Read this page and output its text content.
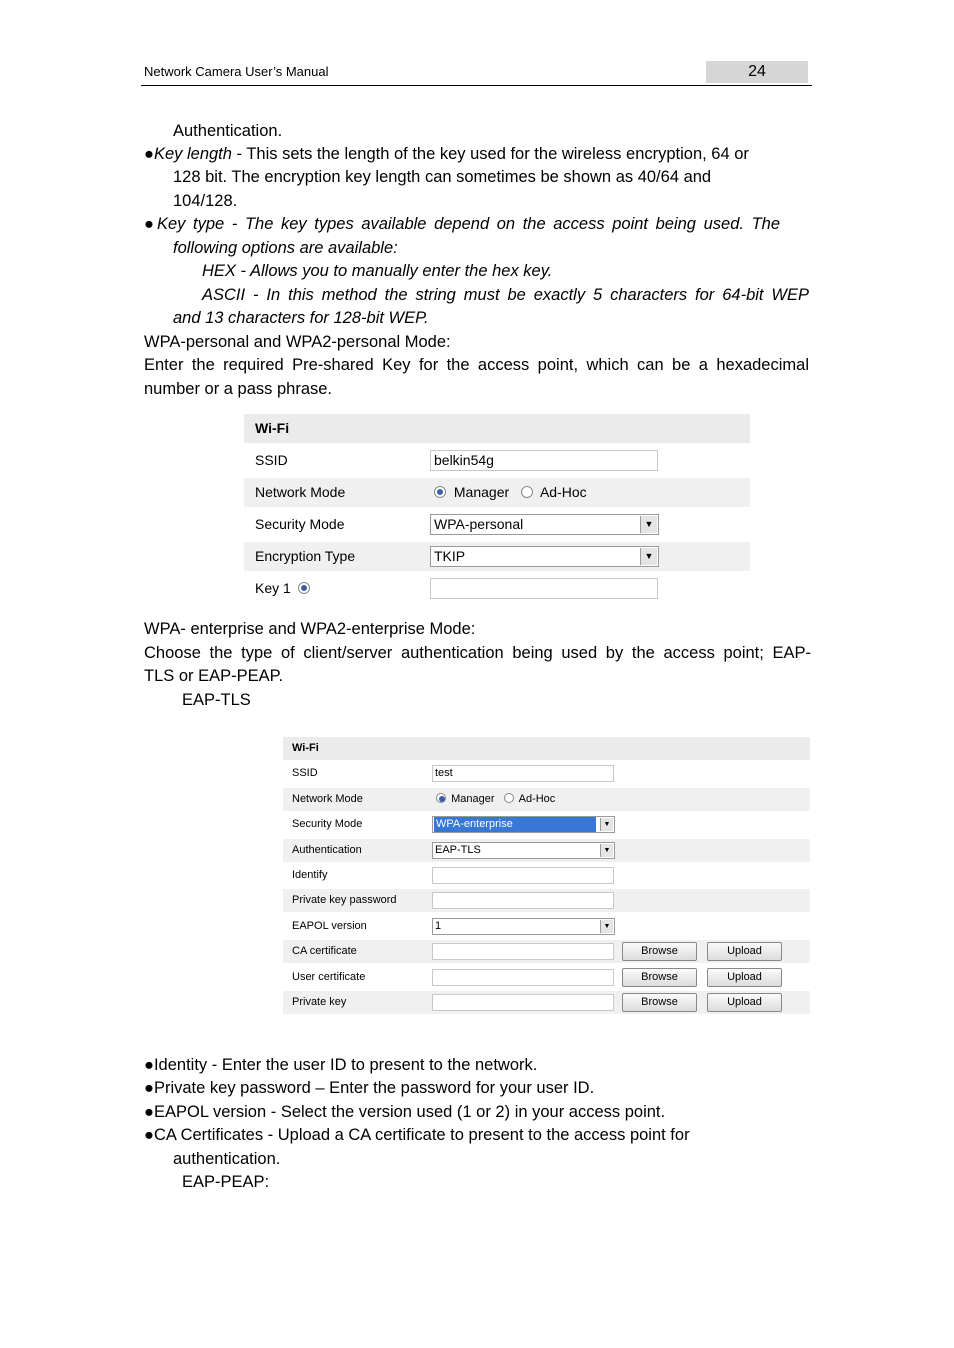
Network Camera User’s Manual	24
Authentication.
●Key length - This sets the length of the key used for the wireless encryption, 64 or
128 bit. The encryption key length can sometimes be shown as 40/64 and
104/128.
●Key type - The key types available depend on the access point being used. The
following options are available:
HEX - Allows you to manually enter the hex key.
ASCII - In this method the string must be exactly 5 characters for 64-bit WEP
and 13 characters for 128-bit WEP.
WPA-personal and WPA2-personal Mode:
Enter the required Pre-shared Key for the access point, which can be a hexadecimal
number or a pass phrase.
Wi-Fi
SSID	belkin54g
Network Mode	Manager Ad-Hoc
Security Mode	WPA-personal	▼
Encryption Type	TKIP	▼
Key 1
WPA- enterprise and WPA2-enterprise Mode:
Choose the type of client/server authentication being used by the access point; EAP-
TLS or EAP-PEAP.
EAP-TLS
Wi-Fi
SSID	test
Network Mode	Manager Ad-Hoc
Security Mode	WPA-enterprise	▼
Authentication	EAP-TLS	▼
Identify
Private key password
EAPOL version	1	▼
CA certificate	Browse	Upload
User certificate	Browse	Upload
Private key	Browse	Upload
●Identity - Enter the user ID to present to the network.
●Private key password – Enter the password for your user ID.
●EAPOL version - Select the version used (1 or 2) in your access point.
●CA Certificates - Upload a CA certificate to present to the access point for
authentication.
EAP-PEAP:
